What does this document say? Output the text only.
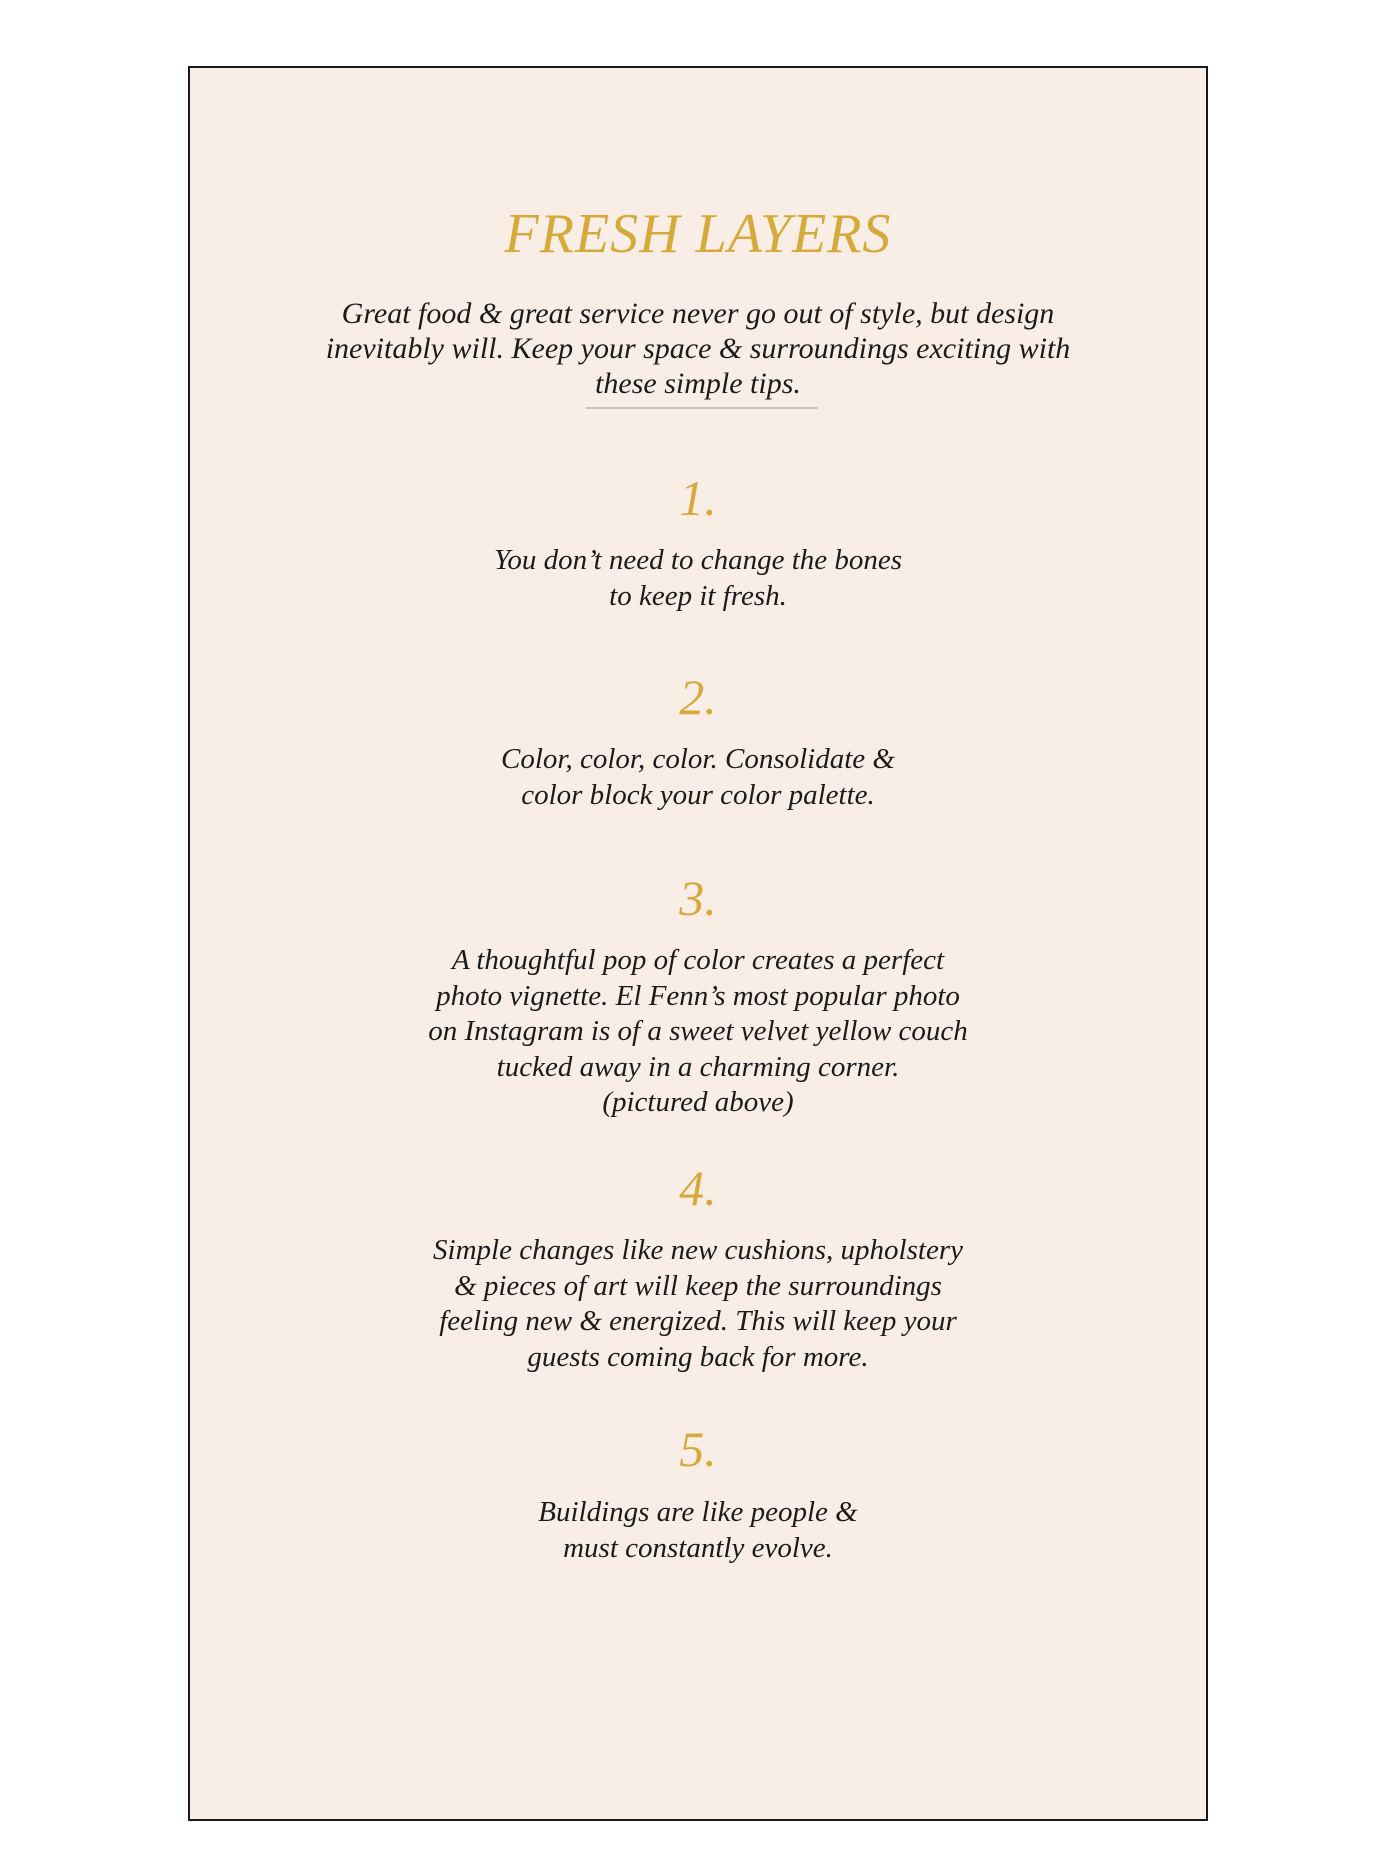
FRESH LAYERS
Great food & great service never go out of style, but design
inevitably will. Keep your space & surroundings exciting with
these simple tips.
1.
You don’t need to change the bones
to keep it fresh.
2.
Color, color, color. Consolidate &
color block your color palette.
3.
A thoughtful pop of color creates a perfect
photo vignette. El Fenn’s most popular photo
on Instagram is of a sweet velvet yellow couch
tucked away in a charming corner.
(pictured above)
4.
Simple changes like new cushions, upholstery
& pieces of art will keep the surroundings
feeling new & energized. This will keep your
guests coming back for more.
5.
Buildings are like people &
must constantly evolve.
